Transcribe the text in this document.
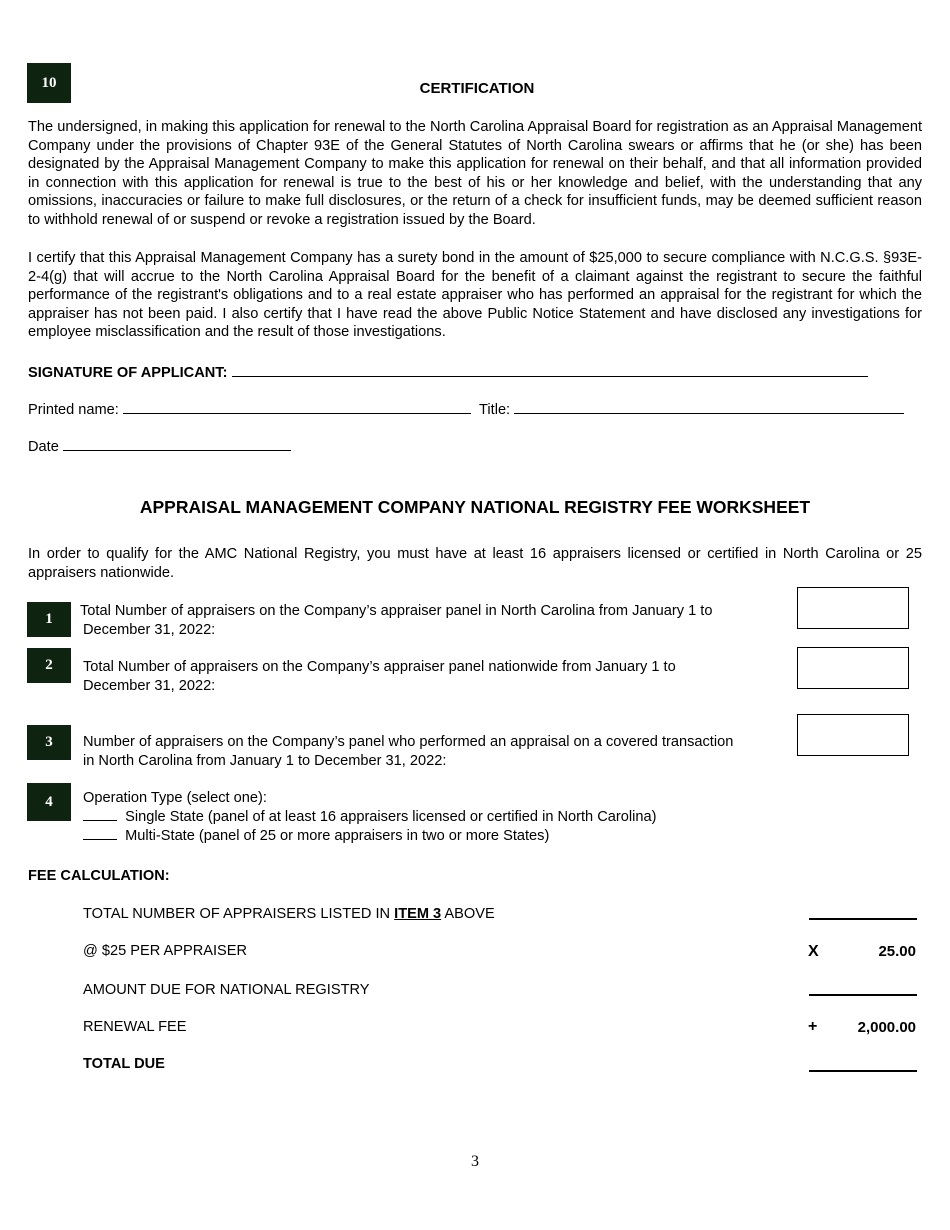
10	CERTIFICATION
The undersigned, in making this application for renewal to the North Carolina Appraisal Board for registration as an Appraisal Management Company under the provisions of Chapter 93E of the General Statutes of North Carolina swears or affirms that he (or she) has been designated by the Appraisal Management Company to make this application for renewal on their behalf, and that all information provided in connection with this application for renewal is true to the best of his or her knowledge and belief, with the understanding that any omissions, inaccuracies or failure to make full disclosures, or the return of a check for insufficient funds, may be deemed sufficient reason to withhold renewal of or suspend or revoke a registration issued by the Board.
I certify that this Appraisal Management Company has a surety bond in the amount of $25,000 to secure compliance with N.C.G.S. §93E-2-4(g) that will accrue to the North Carolina Appraisal Board for the benefit of a claimant against the registrant to secure the faithful performance of the registrant's obligations and to a real estate appraiser who has performed an appraisal for the registrant for which the appraiser has not been paid. I also certify that I have read the above Public Notice Statement and have disclosed any investigations for employee misclassification and the result of those investigations.
SIGNATURE OF APPLICANT:
Printed name:	Title:
Date
APPRAISAL MANAGEMENT COMPANY NATIONAL REGISTRY FEE WORKSHEET
In order to qualify for the AMC National Registry, you must have at least 16 appraisers licensed or certified in North Carolina or 25 appraisers nationwide.
1	Total Number of appraisers on the Company’s appraiser panel in North Carolina from January 1 to
December 31, 2022:
2	Total Number of appraisers on the Company’s appraiser panel nationwide from January 1 to
December 31, 2022:
3	Number of appraisers on the Company’s panel who performed an appraisal on a covered transaction
in North Carolina from January 1 to December 31, 2022:
4	Operation Type (select one):
Single State (panel of at least 16 appraisers licensed or certified in North Carolina)
Multi-State (panel of 25 or more appraisers in two or more States)
FEE CALCULATION:
TOTAL NUMBER OF APPRAISERS LISTED IN ITEM 3 ABOVE
@ $25 PER APPRAISER	X	25.00
AMOUNT DUE FOR NATIONAL REGISTRY
RENEWAL FEE	+	2,000.00
TOTAL DUE
3
